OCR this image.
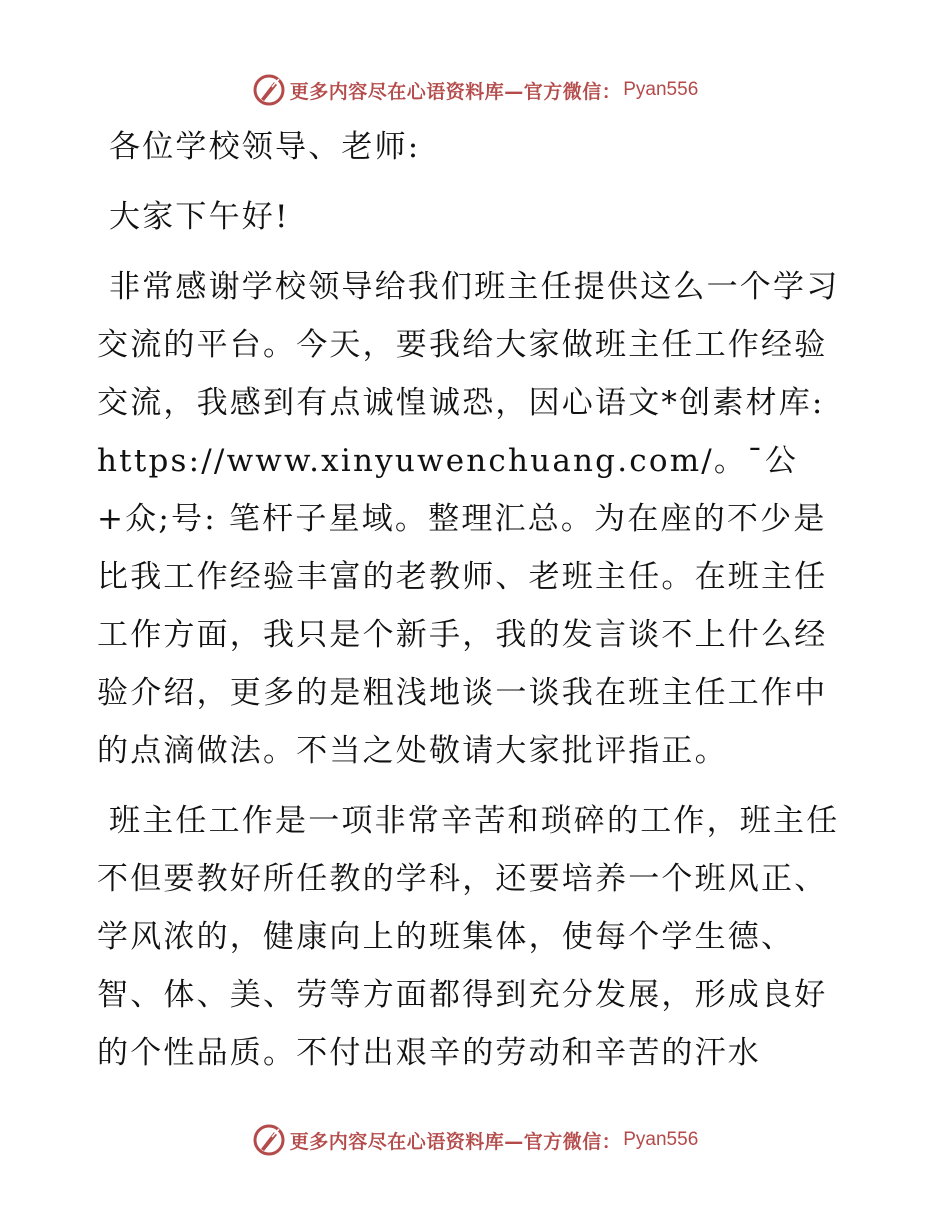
更多内容尽在心语资料库—官方微信： Pyan556

各位学校领导、老师:

大家下午好!

非常感谢学校领导给我们班主任提供这么一个学习交流的平台。今天，要我给大家做班主任工作经验交流，我感到有点诚惶诚恐，因心语文*创素材库: https://www.xinyuwenchuang.com/。¯公+众;号: 笔杆子星域。整理汇总。为在座的不少是比我工作经验丰富的老教师、老班主任。在班主任工作方面，我只是个新手，我的发言谈不上什么经验介绍，更多的是粗浅地谈一谈我在班主任工作中的点滴做法。不当之处敬请大家批评指正。

班主任工作是一项非常辛苦和琐碎的工作，班主任不但要教好所任教的学科，还要培养一个班风正、学风浓的，健康向上的班集体，使每个学生德、智、体、美、劳等方面都得到充分发展，形成良好的个性品质。不付出艰辛的劳动和辛苦的汗水

更多内容尽在心语资料库—官方微信： Pyan556
